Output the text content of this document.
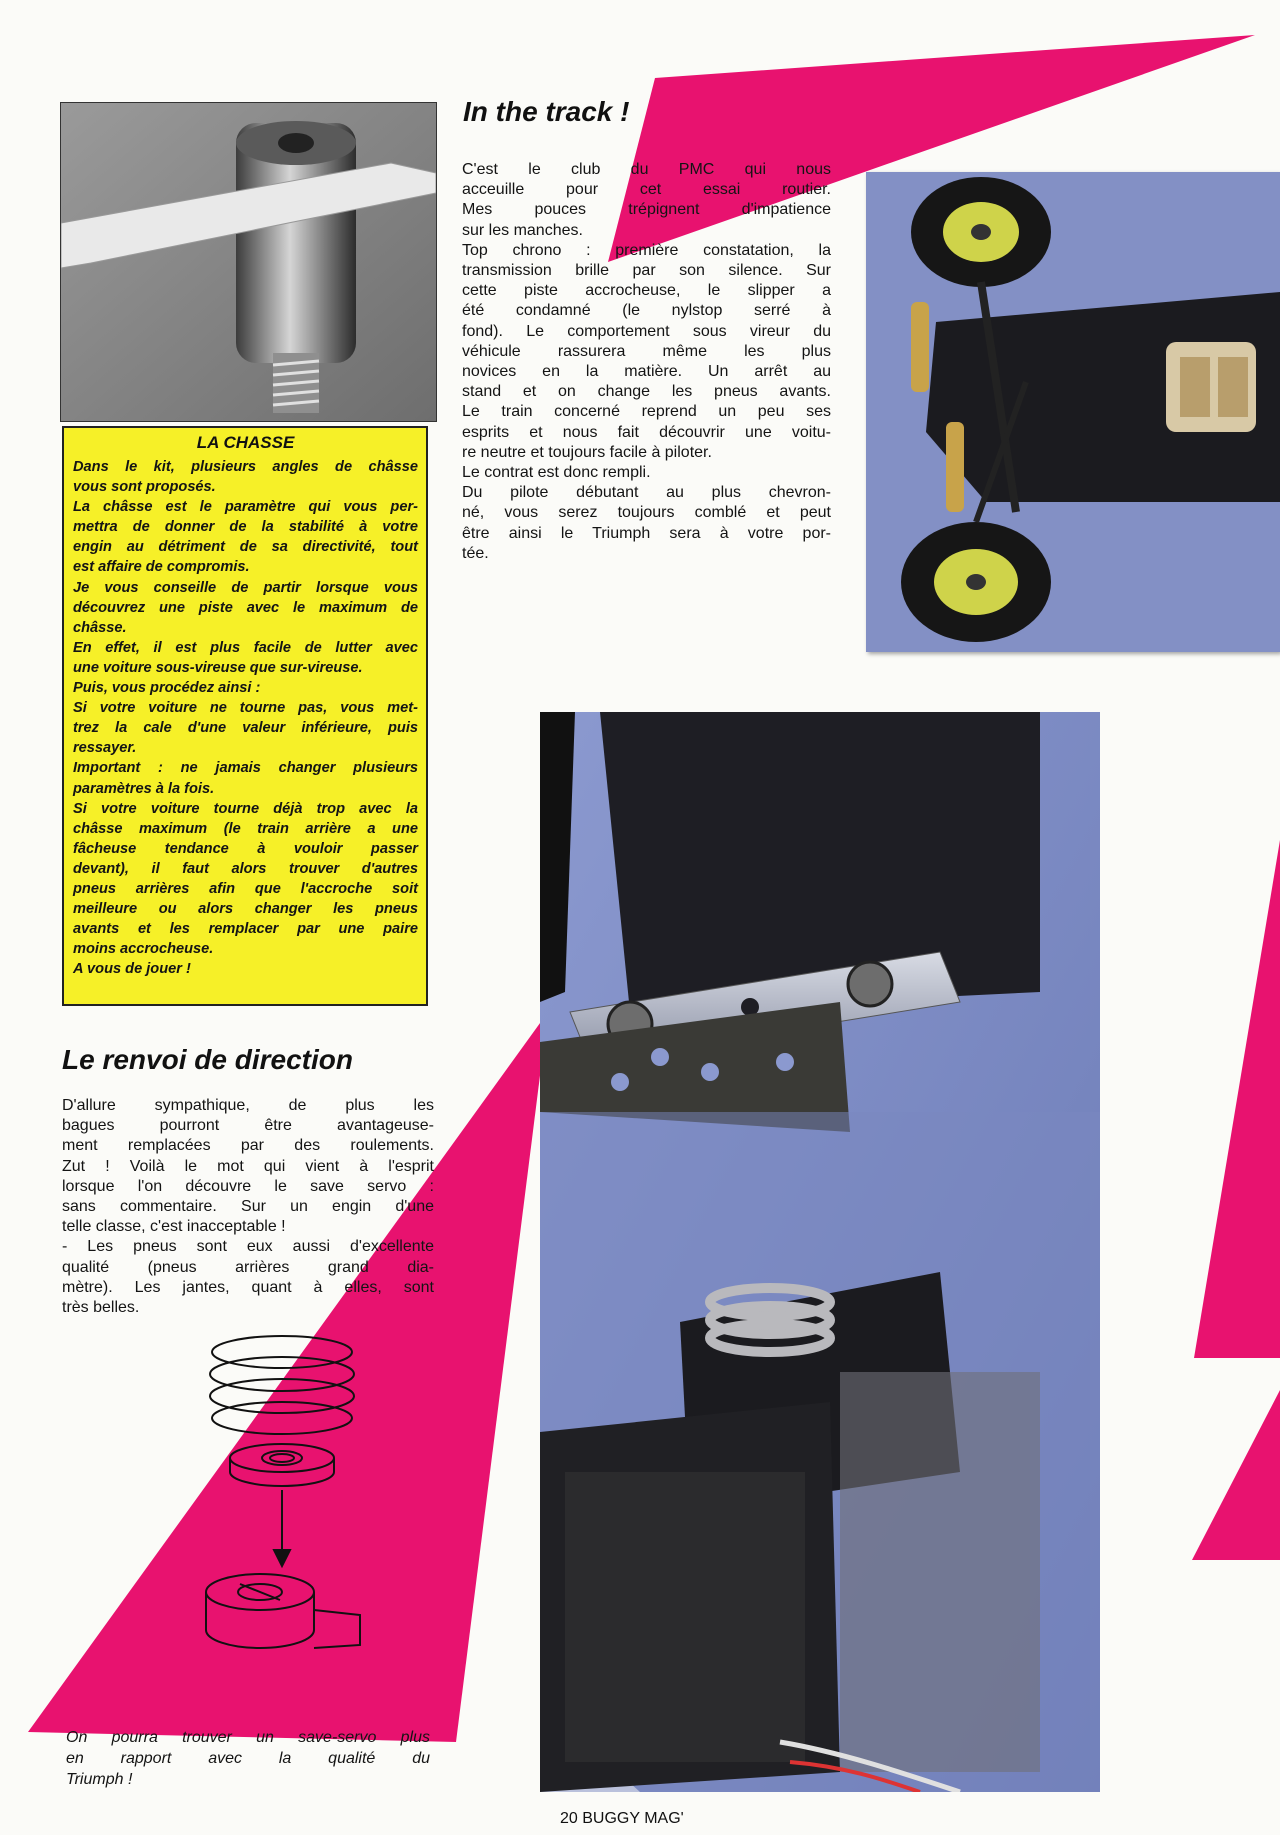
In the track !
C'est le club du PMC qui nous
acceuille pour cet essai routier.
Mes pouces trépignent d'impatience
sur les manches.
Top chrono : première constatation, la
transmission brille par son silence. Sur
cette piste accrocheuse, le slipper a
été condamné (le nylstop serré à
fond). Le comportement sous vireur du
véhicule rassurera même les plus
novices en la matière. Un arrêt au
stand et on change les pneus avants.
Le train concerné reprend un peu ses
esprits et nous fait découvrir une voitu-
re neutre et toujours facile à piloter.
Le contrat est donc rempli.
Du pilote débutant au plus chevron-
né, vous serez toujours comblé et peut
être ainsi le Triumph sera à votre por-
tée.
LA CHASSE
Dans le kit, plusieurs angles de châsse
vous sont proposés.
La châsse est le paramètre qui vous per-
mettra de donner de la stabilité à votre
engin au détriment de sa directivité, tout
est affaire de compromis.
Je vous conseille de partir lorsque vous
découvrez une piste avec le maximum de
châsse.
En effet, il est plus facile de lutter avec
une voiture sous-vireuse que sur-vireuse.
Puis, vous procédez ainsi :
Si votre voiture ne tourne pas, vous met-
trez la cale d'une valeur inférieure, puis
ressayer.
Important : ne jamais changer plusieurs
paramètres à la fois.
Si votre voiture tourne déjà trop avec la
châsse maximum (le train arrière a une
fâcheuse tendance à vouloir passer
devant), il faut alors trouver d'autres
pneus arrières afin que l'accroche soit
meilleure ou alors changer les pneus
avants et les remplacer par une paire
moins accrocheuse.
A vous de jouer !
Le renvoi de direction
D'allure sympathique, de plus les
bagues pourront être avantageuse-
ment remplacées par des roulements.
Zut ! Voilà le mot qui vient à l'esprit
lorsque l'on découvre le save servo :
sans commentaire. Sur un engin d'une
telle classe, c'est inacceptable !
- Les pneus sont eux aussi d'excellente
qualité (pneus arrières grand dia-
mètre). Les jantes, quant à elles, sont
très belles.
On pourra trouver un save-servo plus
en rapport avec la qualité du
Triumph !
20 BUGGY MAG'
